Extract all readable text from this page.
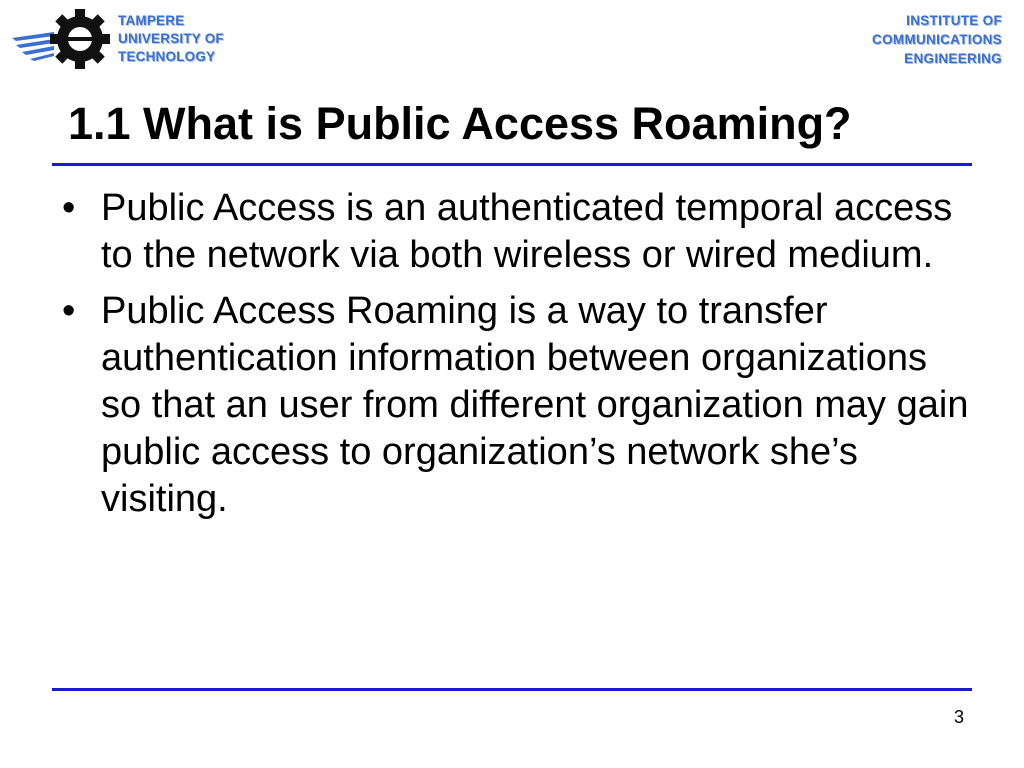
TAMPERE
UNIVERSITY OF
TECHNOLOGY
INSTITUTE OF
COMMUNICATIONS
ENGINEERING
1.1 What is Public Access Roaming?
• Public Access is an authenticated temporal access to the network via both wireless or wired medium.
• Public Access Roaming is a way to transfer authentication information between organizations so that an user from different organization may gain public access to organization’s network she’s visiting.
3
